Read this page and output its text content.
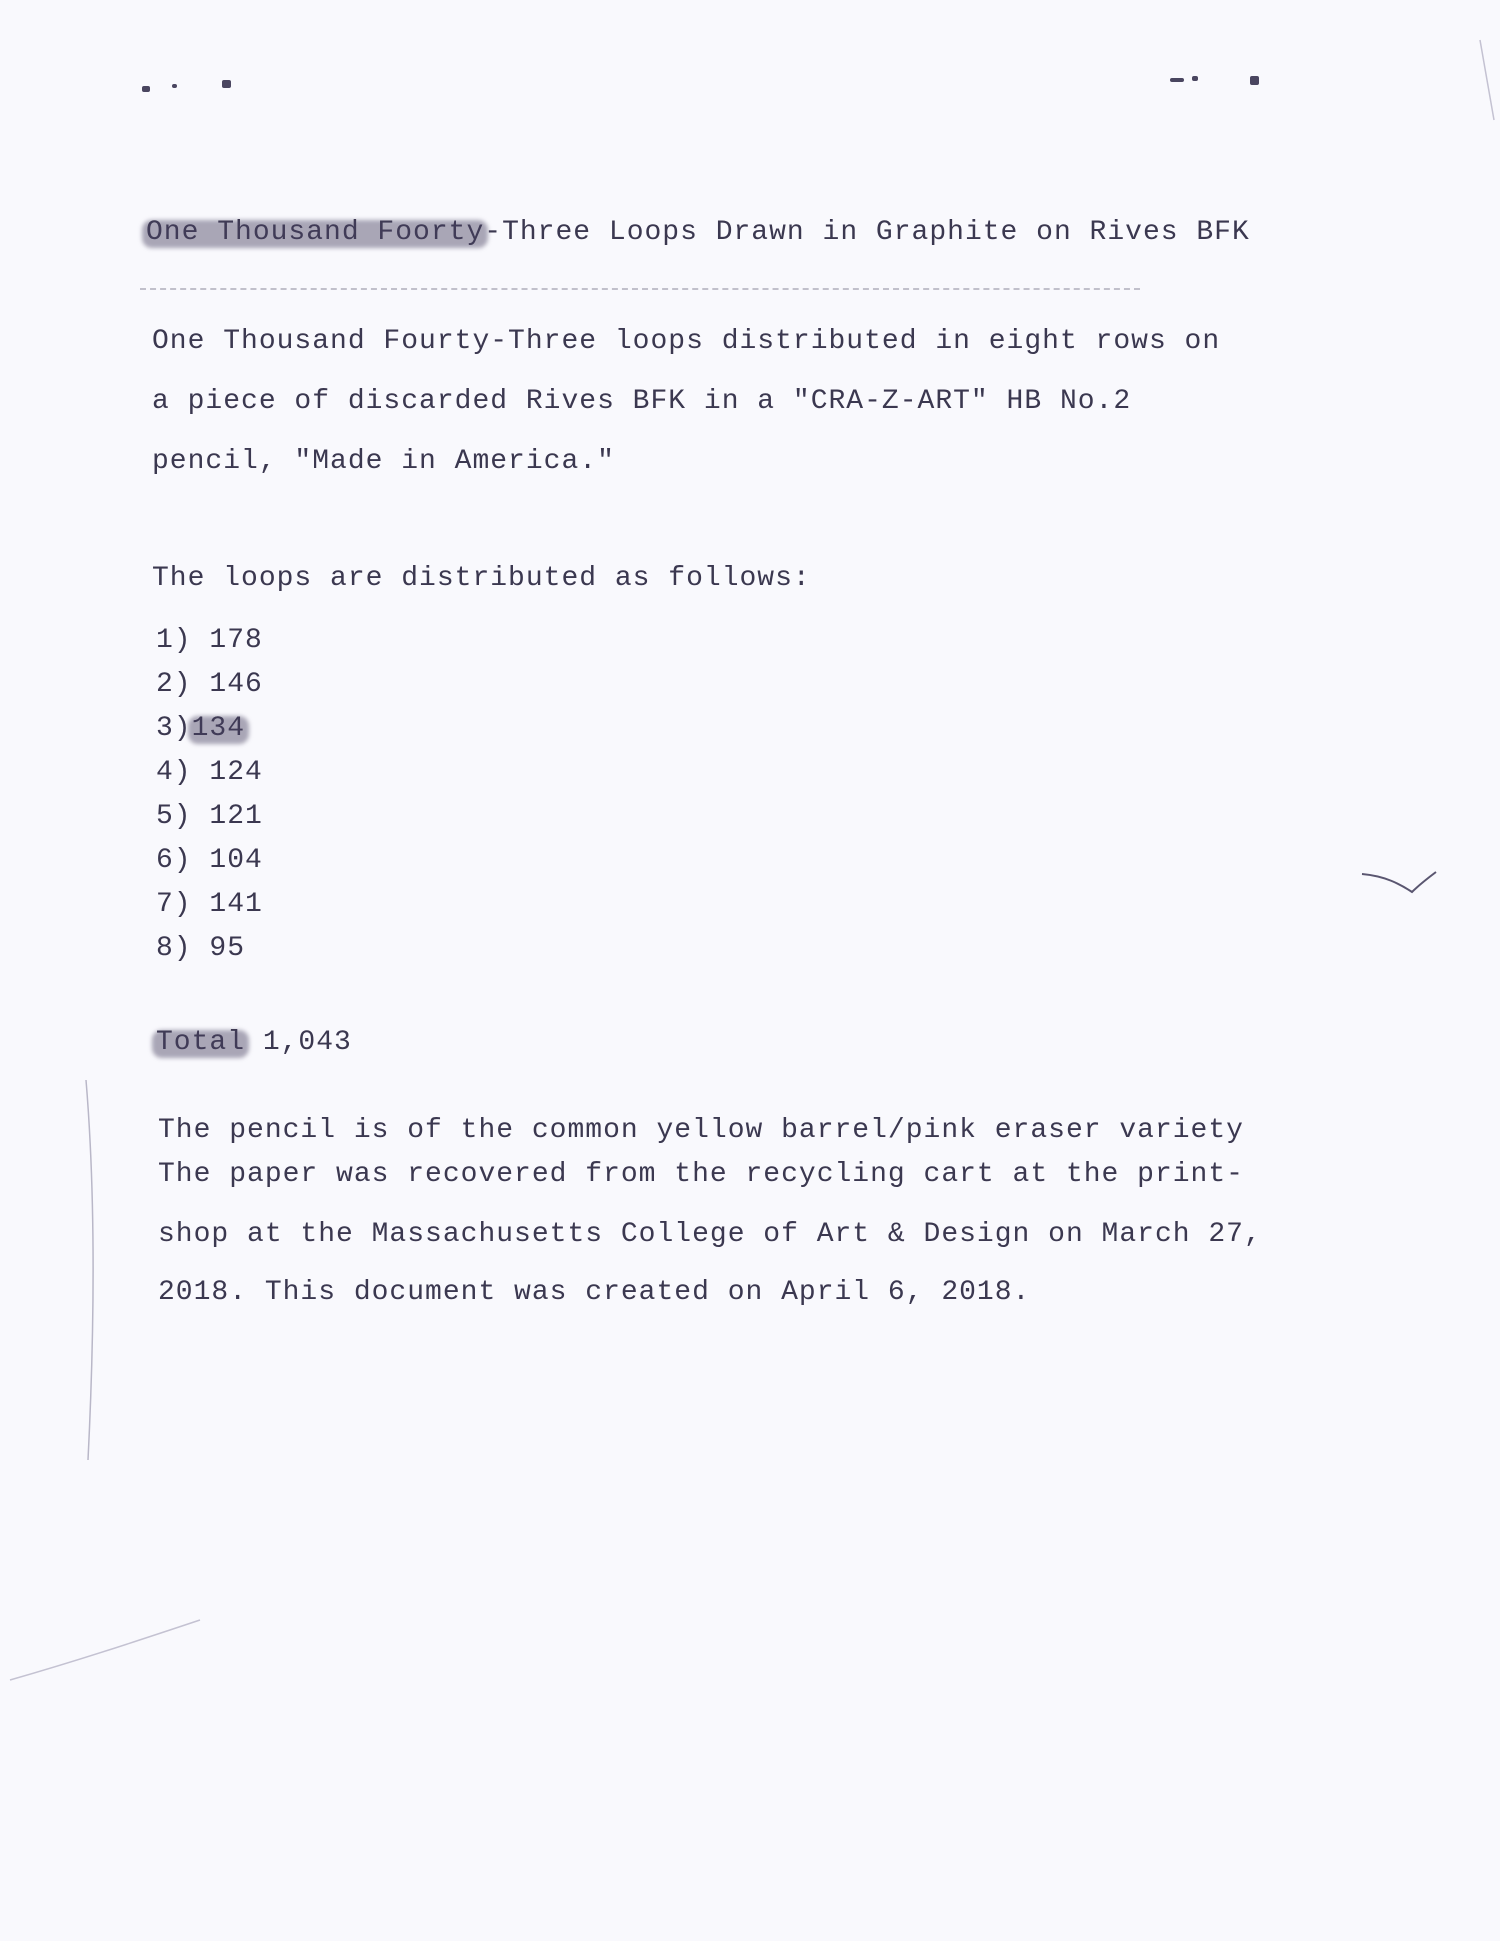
One Thousand Foorty-Three Loops Drawn in Graphite on Rives BFK
One Thousand Fourty-Three loops distributed in eight rows on
a piece of discarded Rives BFK in a "CRA-Z-ART" HB No.2
pencil, "Made in America."
The loops are distributed as follows:
1) 178
2) 146
3)134
4) 124
5) 121
6) 104
7) 141
8) 95
Total 1,043
The pencil is of the common yellow barrel/pink eraser variety
The paper was recovered from the recycling cart at the print-
shop at the Massachusetts College of Art & Design on March 27,
2018. This document was created on April 6, 2018.
